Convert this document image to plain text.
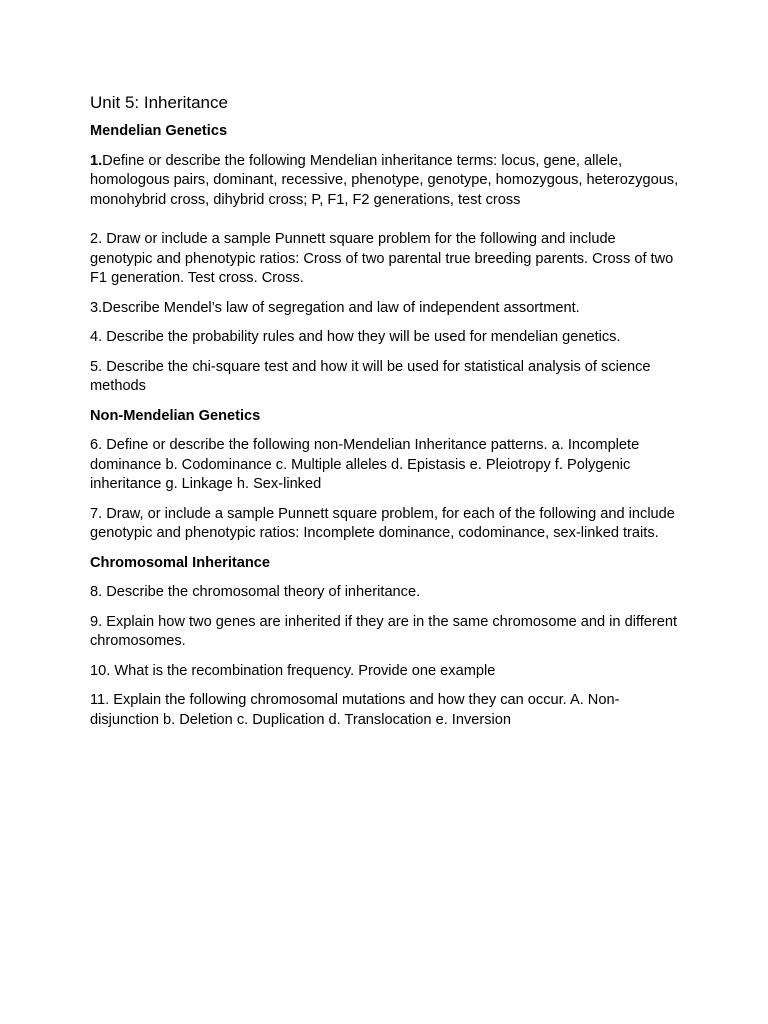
Unit 5: Inheritance
Mendelian Genetics
1.Define or describe the following Mendelian inheritance terms: locus, gene, allele, homologous pairs, dominant, recessive, phenotype, genotype, homozygous, heterozygous, monohybrid cross, dihybrid cross; P, F1, F2 generations, test cross
2. Draw or include a sample Punnett square problem for the following and include genotypic and phenotypic ratios: Cross of two parental true breeding parents. Cross of two F1 generation. Test cross. Cross.
3.Describe Mendel’s law of segregation and law of independent assortment.
4. Describe the probability rules and how they will be used for mendelian genetics.
5. Describe the chi-square test and how it will be used for statistical analysis of science methods
Non-Mendelian Genetics
6. Define or describe the following non-Mendelian Inheritance patterns. a. Incomplete dominance b. Codominance c. Multiple alleles d. Epistasis e. Pleiotropy f. Polygenic inheritance g. Linkage h. Sex-linked
7. Draw, or include a sample Punnett square problem, for each of the following and include genotypic and phenotypic ratios: Incomplete dominance, codominance, sex-linked traits.
Chromosomal Inheritance
8. Describe the chromosomal theory of inheritance.
9. Explain how two genes are inherited if they are in the same chromosome and in different chromosomes.
10. What is the recombination frequency. Provide one example
11. Explain the following chromosomal mutations and how they can occur. A. Non-disjunction b. Deletion c. Duplication d. Translocation e. Inversion
